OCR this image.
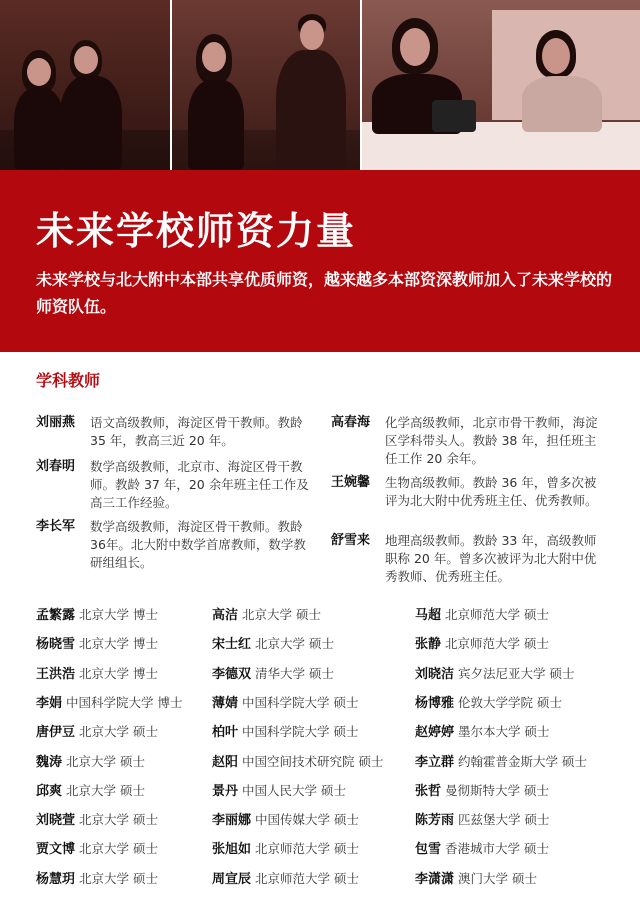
未来学校师资力量
未来学校与北大附中本部共享优质师资，越来越多本部资深教师加入了未来学校的师资队伍。
学科教师
刘丽燕 语文高级教师，海淀区骨干教师。教龄 35 年，教高三近 20 年。
刘春明 数学高级教师，北京市、海淀区骨干教师。教龄 37 年，20 余年班主任工作及高三工作经验。
李长军 数学高级教师，海淀区骨干教师。教龄36年。北大附中数学首席教师，数学教研组组长。
高春海 化学高级教师，北京市骨干教师，海淀区学科带头人。教龄 38 年，担任班主任工作 20 余年。
王婉馨 生物高级教师。教龄 36 年，曾多次被评为北大附中优秀班主任、优秀教师。
舒雪来 地理高级教师。教龄 33 年，高级教师职称 20 年。曾多次被评为北大附中优秀教师、优秀班主任。
孟繁露 北京大学 博士
杨晓雪 北京大学 博士
王洪浩 北京大学 博士
李娟 中国科学院大学 博士
唐伊豆 北京大学 硕士
魏涛 北京大学 硕士
邱爽 北京大学 硕士
刘晓萱 北京大学 硕士
贾文博 北京大学 硕士
杨慧玥 北京大学 硕士
高洁 北京大学 硕士
宋士红 北京大学 硕士
李德双 清华大学 硕士
薄婧 中国科学院大学 硕士
柏叶 中国科学院大学 硕士
赵阳 中国空间技术研究院 硕士
景丹 中国人民大学 硕士
李丽娜 中国传媒大学 硕士
张旭如 北京师范大学 硕士
周宣辰 北京师范大学 硕士
马超 北京师范大学 硕士
张静 北京师范大学 硕士
刘晓洁 宾夕法尼亚大学 硕士
杨博雅 伦敦大学学院 硕士
赵婷婷 墨尔本大学 硕士
李立群 约翰霍普金斯大学 硕士
张哲 曼彻斯特大学 硕士
陈芳雨 匹兹堡大学 硕士
包雪 香港城市大学 硕士
李潇潇 澳门大学 硕士
